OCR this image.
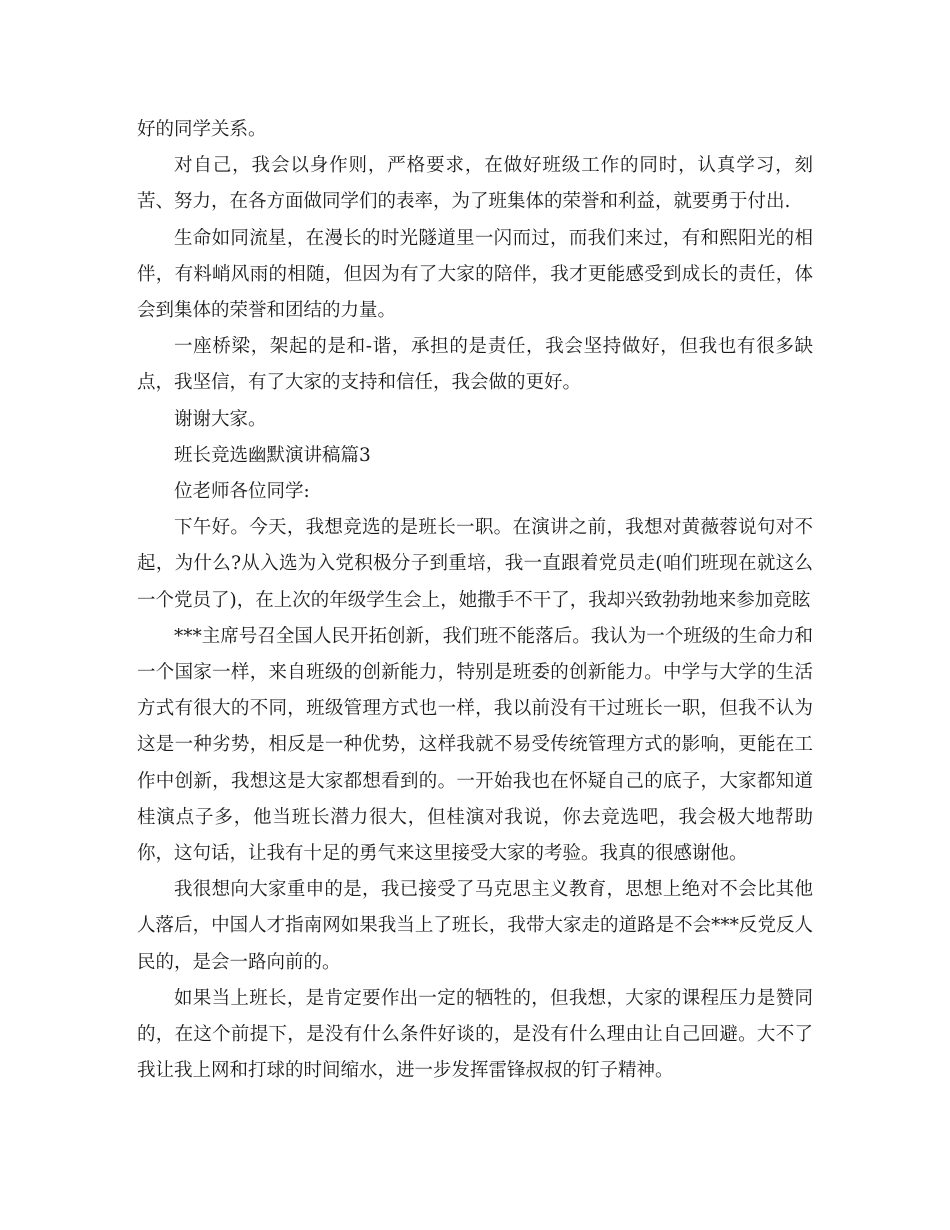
好的同学关系。

对自己，我会以身作则，严格要求，在做好班级工作的同时，认真学习，刻苦、努力，在各方面做同学们的表率，为了班集体的荣誉和利益，就要勇于付出.

生命如同流星，在漫长的时光隧道里一闪而过，而我们来过，有和熙阳光的相伴，有料峭风雨的相随，但因为有了大家的陪伴，我才更能感受到成长的责任，体会到集体的荣誉和团结的力量。

一座桥梁，架起的是和-谐，承担的是责任，我会坚持做好，但我也有很多缺点，我坚信，有了大家的支持和信任，我会做的更好。

谢谢大家。

班长竞选幽默演讲稿篇3

位老师各位同学:

下午好。今天，我想竞选的是班长一职。在演讲之前，我想对黄薇蓉说句对不起，为什么?从入选为入党积极分子到重培，我一直跟着党员走(咱们班现在就这么一个党员了)，在上次的年级学生会上，她撒手不干了，我却兴致勃勃地来参加竞眩

***主席号召全国人民开拓创新，我们班不能落后。我认为一个班级的生命力和一个国家一样，来自班级的创新能力，特别是班委的创新能力。中学与大学的生活方式有很大的不同，班级管理方式也一样，我以前没有干过班长一职，但我不认为这是一种劣势，相反是一种优势，这样我就不易受传统管理方式的影响，更能在工作中创新，我想这是大家都想看到的。一开始我也在怀疑自己的底子，大家都知道桂演点子多，他当班长潜力很大，但桂演对我说，你去竞选吧，我会极大地帮助你，这句话，让我有十足的勇气来这里接受大家的考验。我真的很感谢他。

我很想向大家重申的是，我已接受了马克思主义教育，思想上绝对不会比其他人落后，中国人才指南网如果我当上了班长，我带大家走的道路是不会***反党反人民的，是会一路向前的。

如果当上班长，是肯定要作出一定的牺牲的，但我想，大家的课程压力是赞同的，在这个前提下，是没有什么条件好谈的，是没有什么理由让自己回避。大不了我让我上网和打球的时间缩水，进一步发挥雷锋叔叔的钉子精神。
